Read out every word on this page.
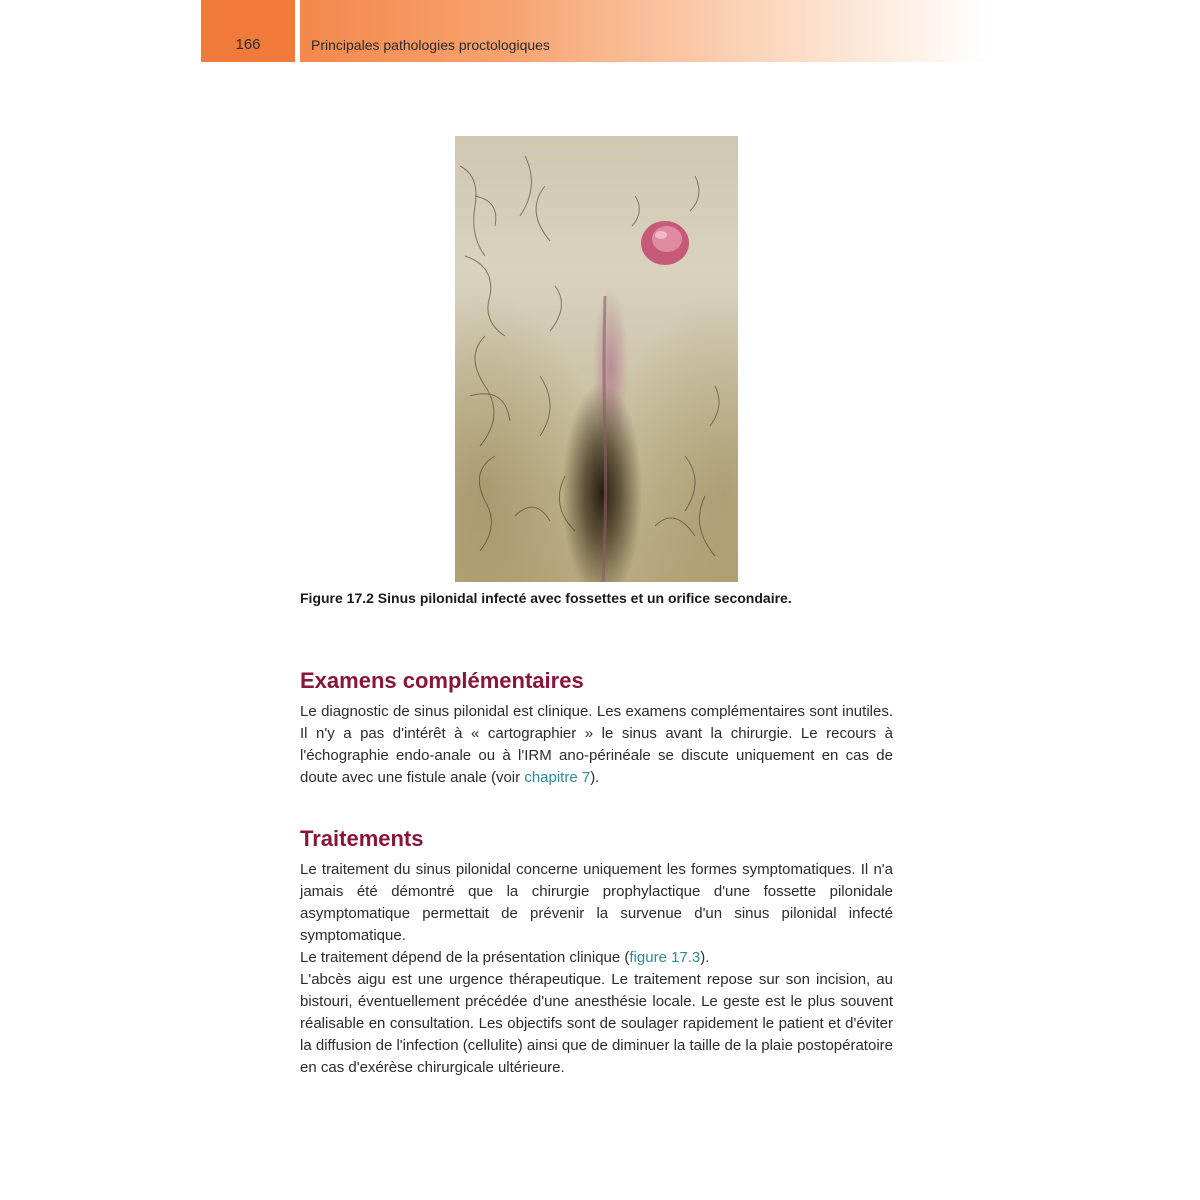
166	Principales pathologies proctologiques
Figure 17.2 Sinus pilonidal infecté avec fossettes et un orifice secondaire.
Examens complémentaires
Le diagnostic de sinus pilonidal est clinique. Les examens complémentaires sont inutiles. Il n'y a pas d'intérêt à « cartographier » le sinus avant la chirurgie. Le recours à l'échographie endo-anale ou à l'IRM ano-périnéale se discute uniquement en cas de doute avec une fistule anale (voir chapitre 7).
Traitements
Le traitement du sinus pilonidal concerne uniquement les formes symptomatiques. Il n'a jamais été démontré que la chirurgie prophylactique d'une fossette pilonidale asymptomatique permettait de prévenir la survenue d'un sinus pilonidal infecté symptomatique.
Le traitement dépend de la présentation clinique (figure 17.3).
L'abcès aigu est une urgence thérapeutique. Le traitement repose sur son incision, au bistouri, éventuellement précédée d'une anesthésie locale. Le geste est le plus souvent réalisable en consultation. Les objectifs sont de soulager rapidement le patient et d'éviter la diffusion de l'infection (cellulite) ainsi que de diminuer la taille de la plaie postopératoire en cas d'exérèse chirurgicale ultérieure.
